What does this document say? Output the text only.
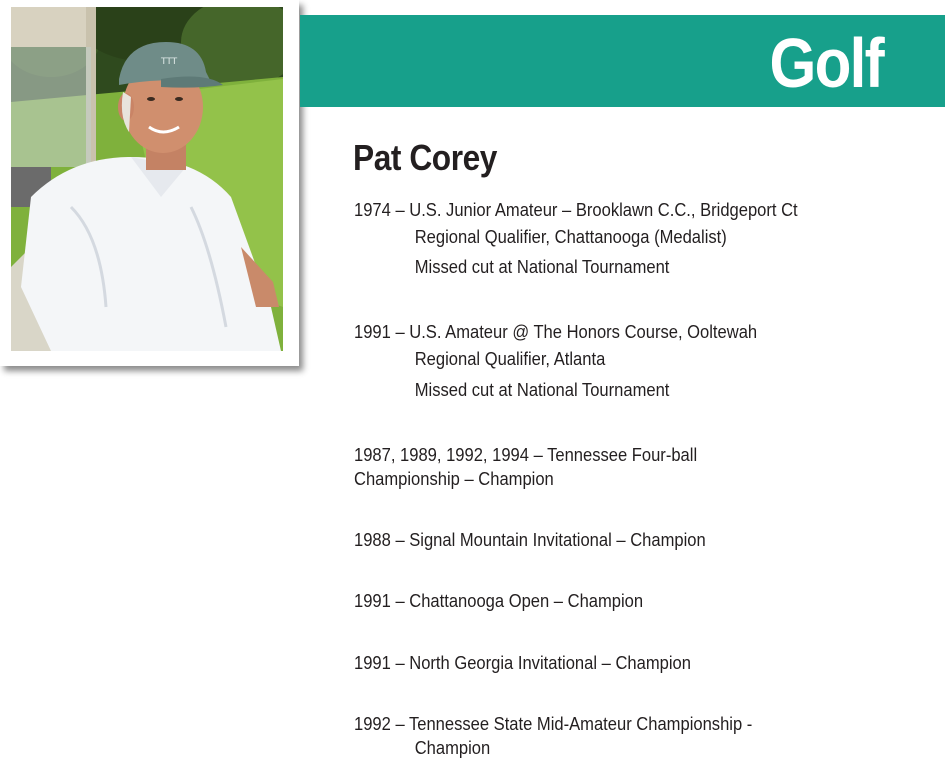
TTT	Golf
Pat Corey
1974 – U.S. Junior Amateur – Brooklawn C.C., Bridgeport Ct
Regional Qualifier, Chattanooga (Medalist)
Missed cut at National Tournament
1991 – U.S. Amateur @ The Honors Course, Ooltewah
Regional Qualifier, Atlanta
Missed cut at National Tournament
1987, 1989, 1992, 1994 – Tennessee Four-ball
Championship – Champion
1988 – Signal Mountain Invitational – Champion
1991 – Chattanooga Open – Champion
1991 – North Georgia Invitational – Champion
1992 – Tennessee State Mid-Amateur Championship -
Champion
